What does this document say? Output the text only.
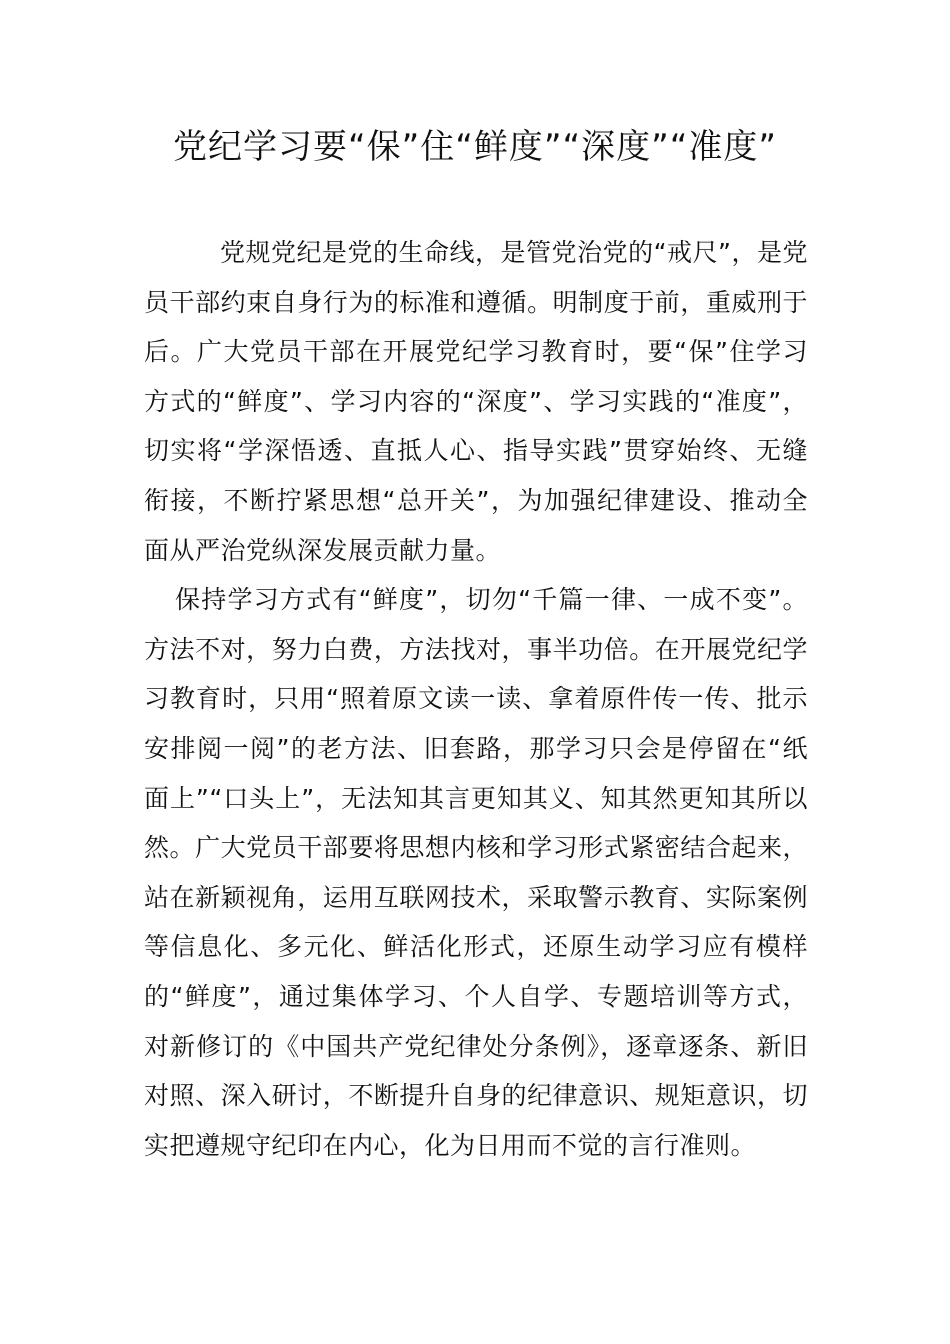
党纪学习要“保”住“鲜度”“深度”“准度”

党规党纪是党的生命线，是管党治党的“戒尺”，是党员干部约束自身行为的标准和遵循。明制度于前，重威刑于后。广大党员干部在开展党纪学习教育时，要“保”住学习方式的“鲜度”、学习内容的“深度”、学习实践的“准度”，切实将“学深悟透、直抵人心、指导实践”贯穿始终、无缝衔接，不断拧紧思想“总开关”，为加强纪律建设、推动全面从严治党纵深发展贡献力量。

保持学习方式有“鲜度”，切勿“千篇一律、一成不变”。方法不对，努力白费，方法找对，事半功倍。在开展党纪学习教育时，只用“照着原文读一读、拿着原件传一传、批示安排阅一阅”的老方法、旧套路，那学习只会是停留在“纸面上”“口头上”，无法知其言更知其义、知其然更知其所以然。广大党员干部要将思想内核和学习形式紧密结合起来，站在新颖视角，运用互联网技术，采取警示教育、实际案例等信息化、多元化、鲜活化形式，还原生动学习应有模样的“鲜度”，通过集体学习、个人自学、专题培训等方式，对新修订的《中国共产党纪律处分条例》，逐章逐条、新旧对照、深入研讨，不断提升自身的纪律意识、规矩意识，切实把遵规守纪印在内心，化为日用而不觉的言行准则。
